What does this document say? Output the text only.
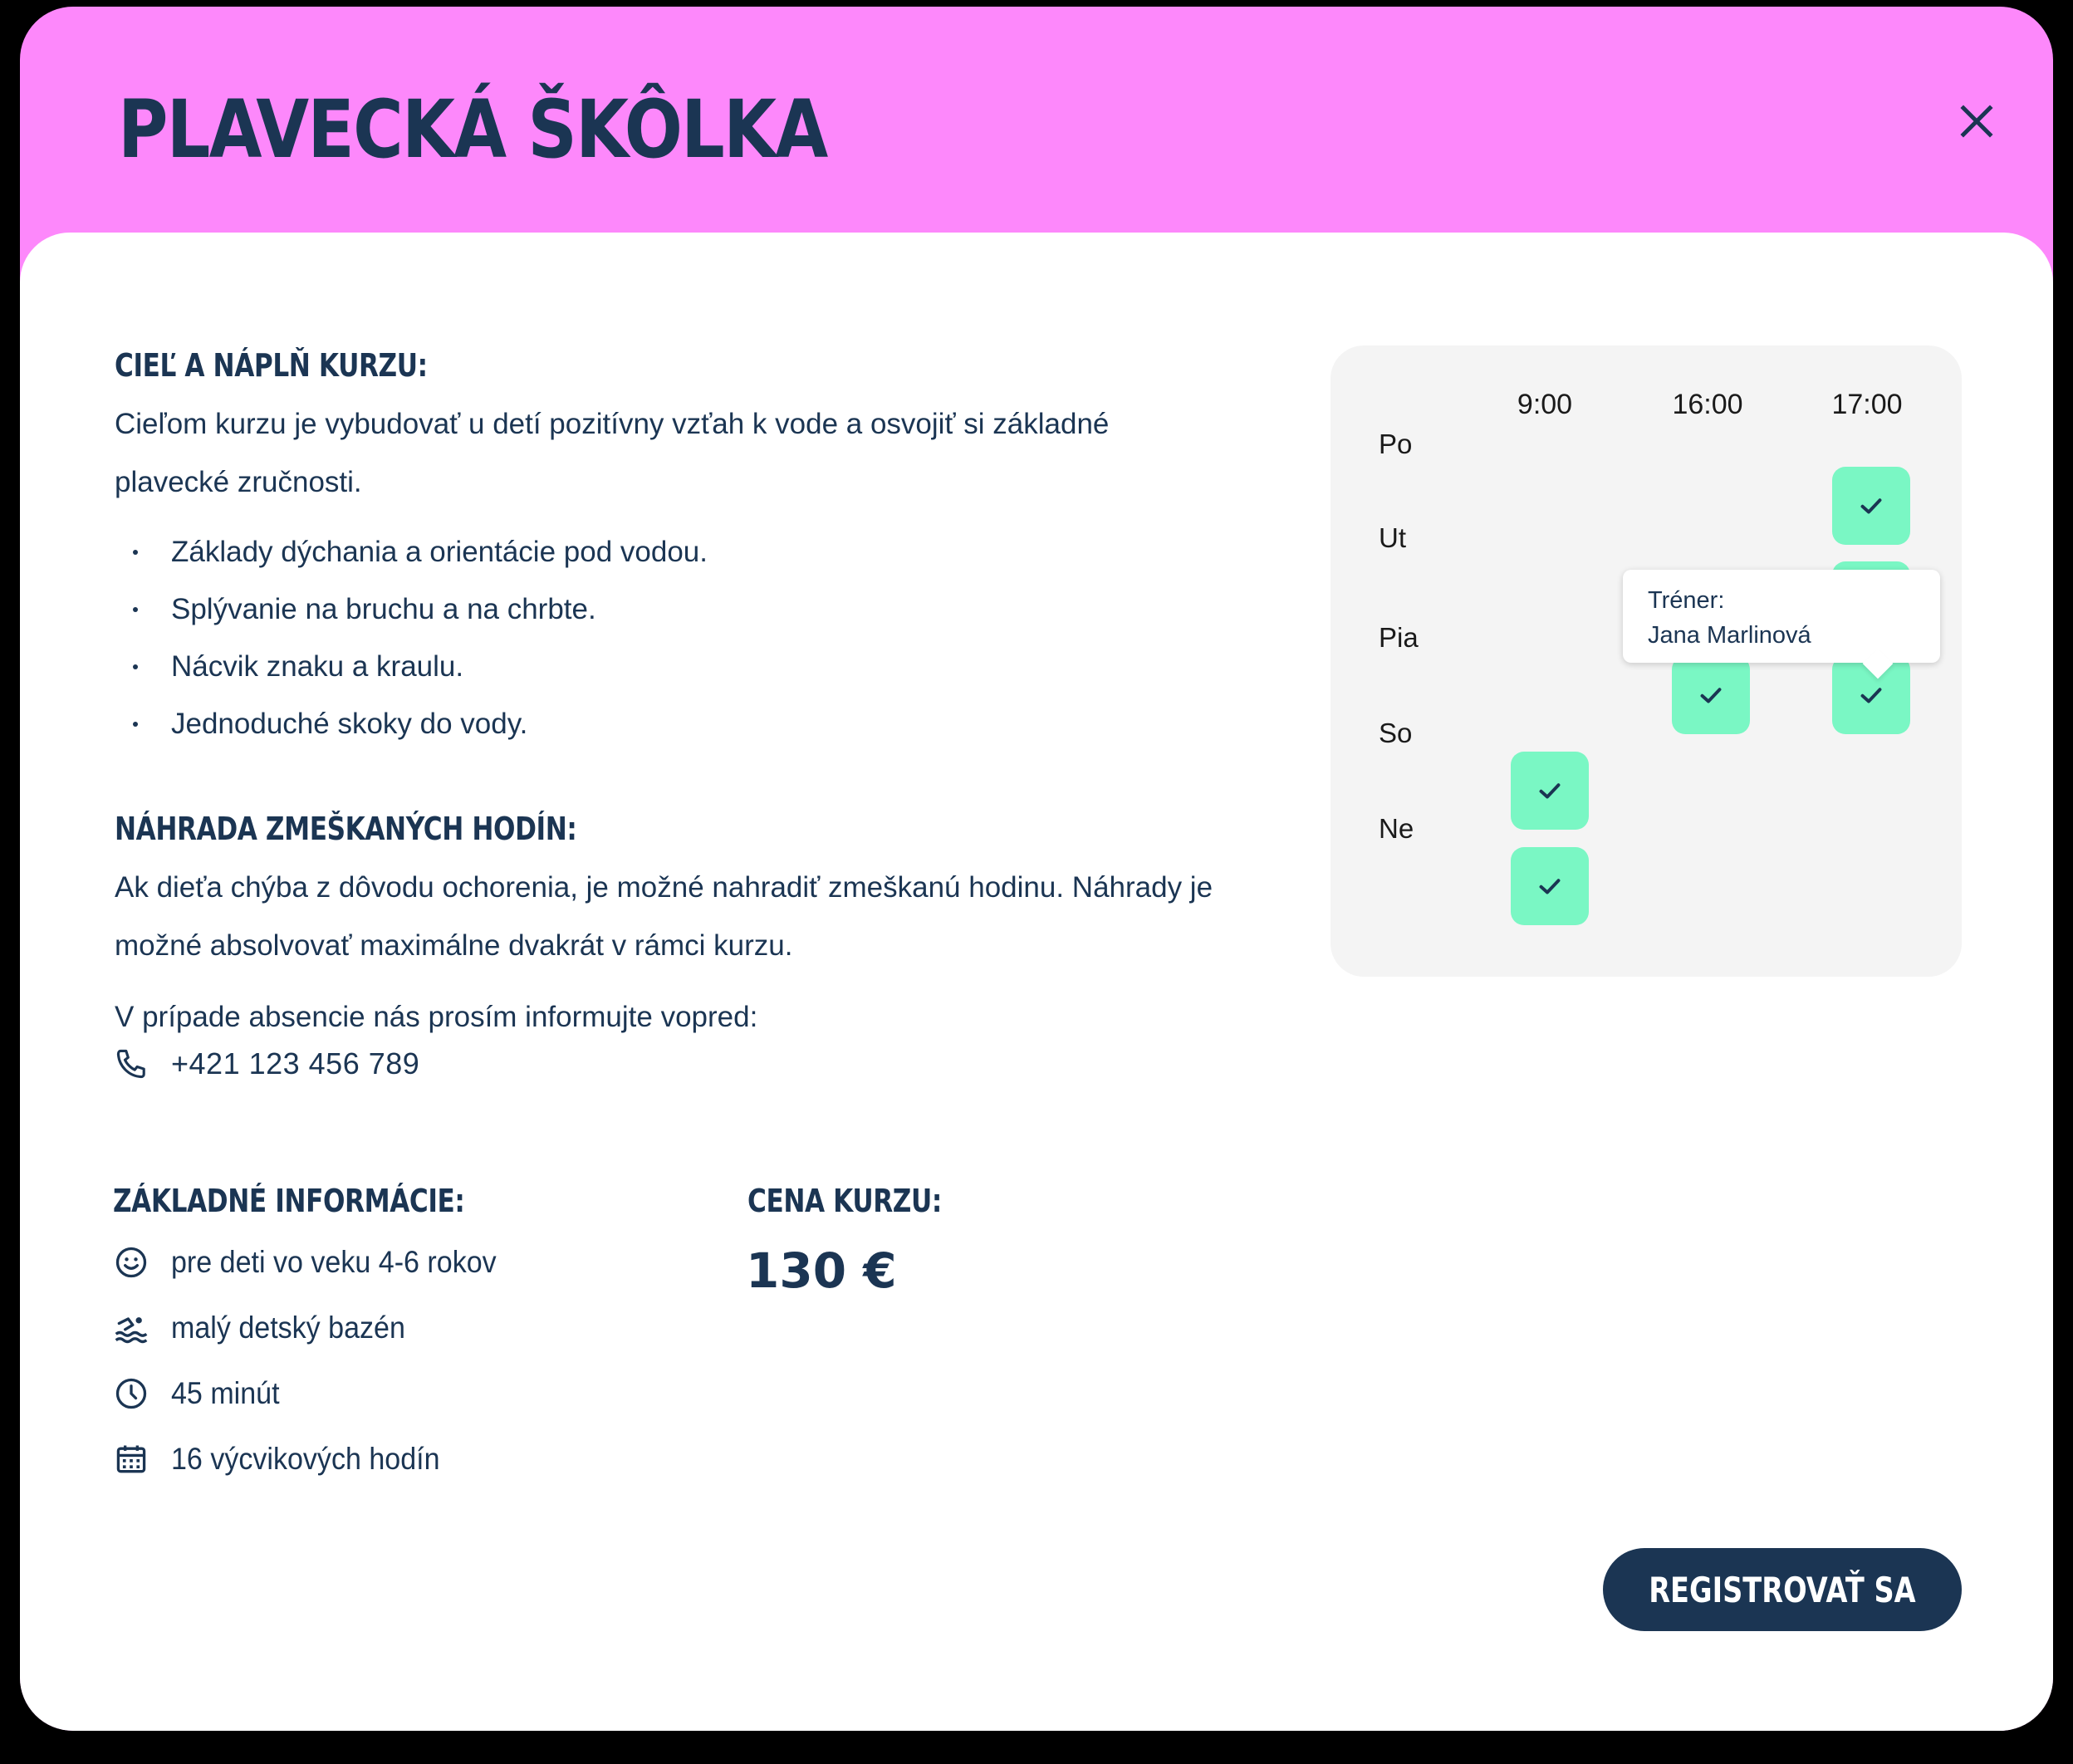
PLAVECKÁ ŠKÔLKA
CIEĽ A NÁPLŇ KURZU:
Cieľom kurzu je vybudovať u detí pozitívny vzťah k vode a osvojiť si základné
plavecké zručnosti.
Základy dýchania a orientácie pod vodou.
Splývanie na bruchu a na chrbte.
Nácvik znaku a kraulu.
Jednoduché skoky do vody.
NÁHRADA ZMEŠKANÝCH HODÍN:
Ak dieťa chýba z dôvodu ochorenia, je možné nahradiť zmeškanú hodinu. Náhrady je
možné absolvovať maximálne dvakrát v rámci kurzu.
V prípade absencie nás prosím informujte vopred:
+421 123 456 789
ZÁKLADNÉ INFORMÁCIE:
pre deti vo veku 4-6 rokov
malý detský bazén
45 minút
16 výcvikových hodín
CENA KURZU:
130 €
9:00	16:00	17:00
Po
Ut
Pia
So
Ne
Tréner:
Jana Marlinová
REGISTROVAŤ SA
